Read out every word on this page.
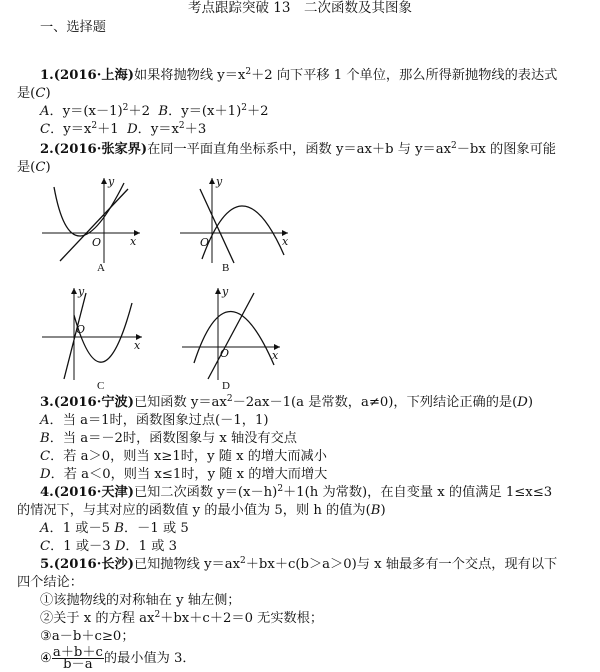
考点跟踪突破 13　二次函数及其图象
一、选择题
1.(2016·上海)如果将抛物线 $y=x^2+2$ 向下平移 1 个单位，那么所得新抛物线的表达式
是(C)
A．$y=(x-1)^2+2$ B．$y=(x+1)^2+2$
C．$y=x^2+1$ D．$y=x^2+3$
2.(2016·张家界)在同一平面直角坐标系中，函数 y＝ax＋b 与 $y=ax^2-bx$ 的图象可能
是(C)
x
y
O
A
x
y
O
B
x
y
O
C
x
y
O
D
3.(2016·宁波)已知函数 $y=ax^2-2ax-1(a$ 是常数，a≠0)，下列结论正确的是(D)
A．当 a＝1时，函数图象过点(－1，1)
B．当 a＝－2时，函数图象与 x 轴没有交点
C．若 a＞0，则当 x≥1时，y 随 x 的增大而减小
D．若 a＜0，则当 x≤1时，y 随 x 的增大而增大
4.(2016·天津)已知二次函数 $y=(x-h)^2+1(h$ 为常数)，在自变量 x 的值满足 1≤x≤3
的情况下，与其对应的函数值 y 的最小值为 5，则 h 的值为(B)
A．1 或－5 B．－1 或 5
C．1 或－3 D．1 或 3
5.(2016·长沙)已知抛物线 $y=ax^2+bx+c(b>a>0)$与 x 轴最多有一个交点，现有以下
四个结论：
①该抛物线的对称轴在 y 轴左侧；
②关于 x 的方程 $ax^2+bx+c+2=0$ 无实数根；
③a－b＋c≥0；
④ $\frac{a+b+c}{b-a}$ 的最小值为 3．
